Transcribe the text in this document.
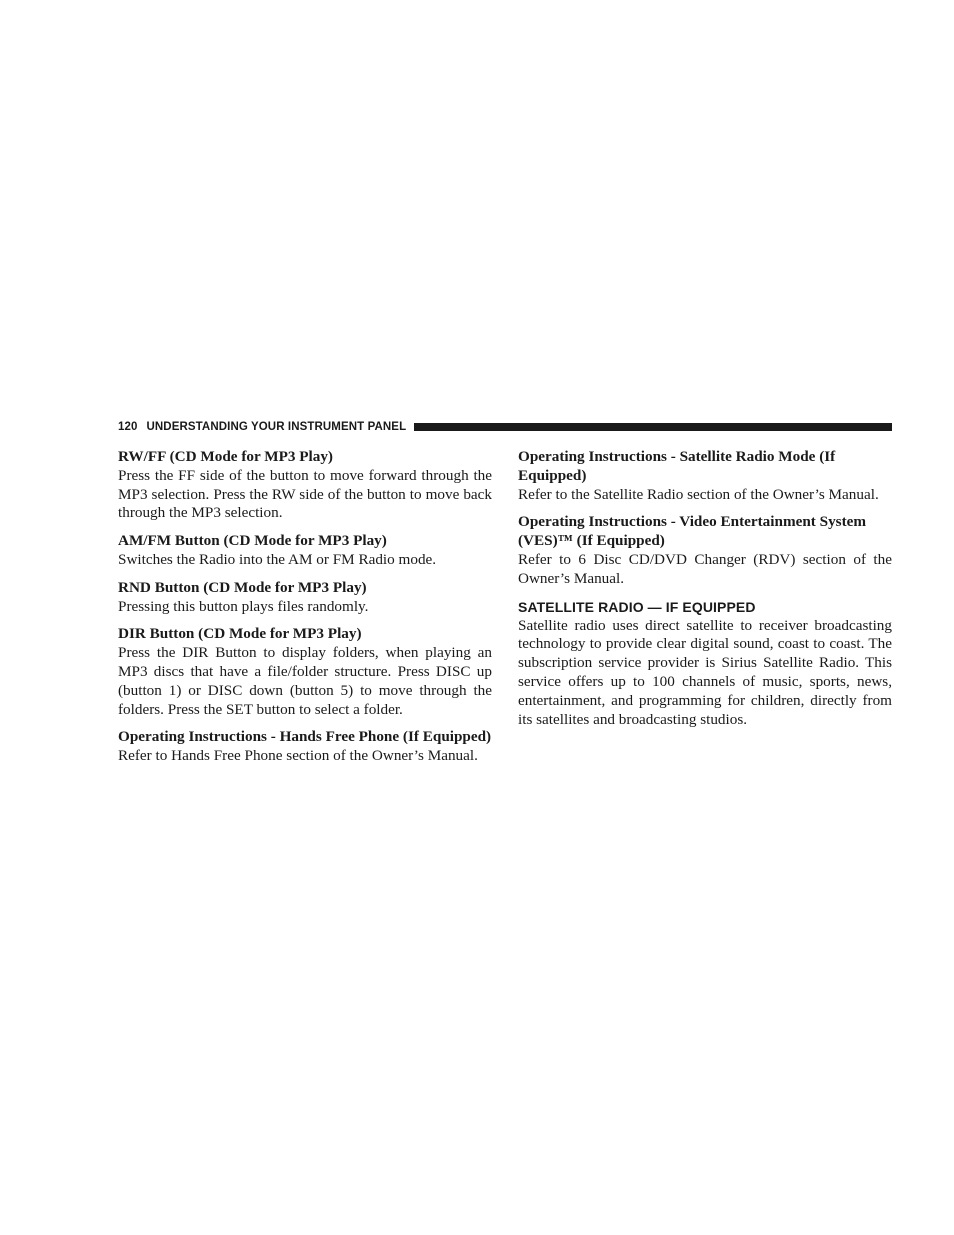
120 UNDERSTANDING YOUR INSTRUMENT PANEL

RW/FF (CD Mode for MP3 Play)

Press the FF side of the button to move forward through the MP3 selection. Press the RW side of the button to move back through the MP3 selection.

AM/FM Button (CD Mode for MP3 Play)

Switches the Radio into the AM or FM Radio mode.

RND Button (CD Mode for MP3 Play)

Pressing this button plays files randomly.

DIR Button (CD Mode for MP3 Play)

Press the DIR Button to display folders, when playing an MP3 discs that have a file/folder structure. Press DISC up (button 1) or DISC down (button 5) to move through the folders. Press the SET button to select a folder.

Operating Instructions - Hands Free Phone (If Equipped)

Refer to Hands Free Phone section of the Owner’s Manual.

Operating Instructions - Satellite Radio Mode (If Equipped)

Refer to the Satellite Radio section of the Owner’s Manual.

Operating Instructions - Video Entertainment System (VES)™ (If Equipped)

Refer to 6 Disc CD/DVD Changer (RDV) section of the Owner’s Manual.

SATELLITE RADIO — IF EQUIPPED

Satellite radio uses direct satellite to receiver broadcasting technology to provide clear digital sound, coast to coast. The subscription service provider is Sirius Satellite Radio. This service offers up to 100 channels of music, sports, news, entertainment, and programming for children, directly from its satellites and broadcasting studios.
